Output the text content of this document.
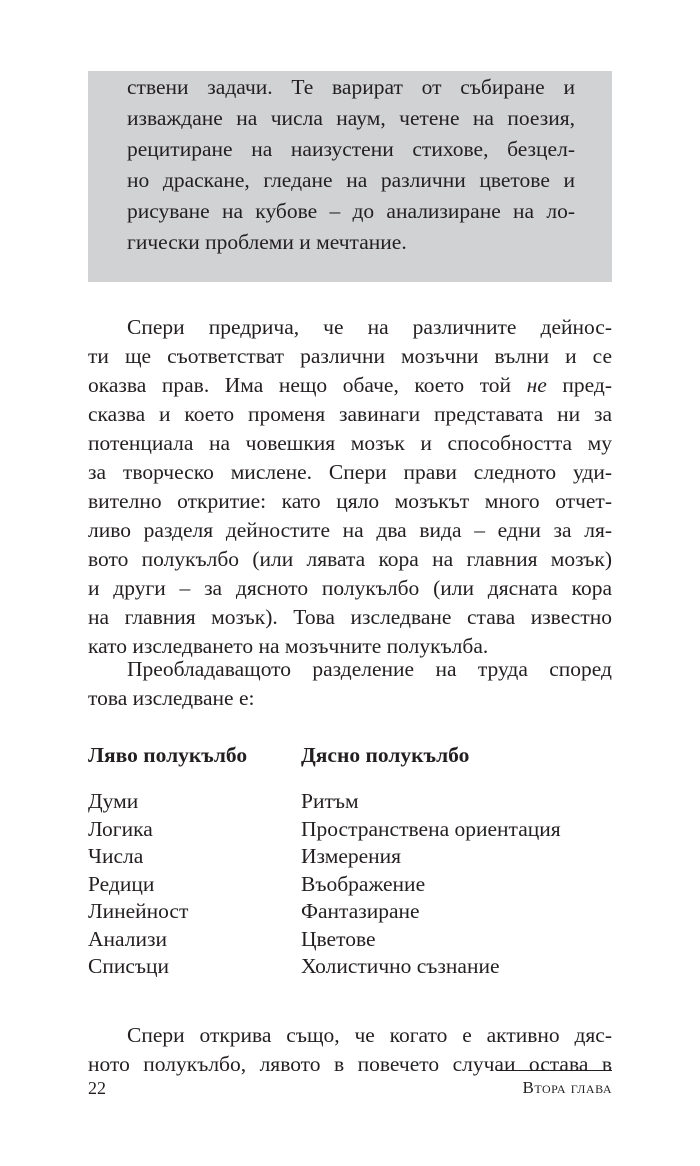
ствени задачи. Те варират от събиране и
изваждане на числа наум, четене на поезия,
рецитиране на наизустени стихове, безцел-
но драскане, гледане на различни цветове и
рисуване на кубове – до анализиране на ло-
гически проблеми и мечтание.
Спери предрича, че на различните дейнос-
ти ще съответстват различни мозъчни вълни и се
оказва прав. Има нещо обаче, което той не пред-
сказва и което променя завинаги представата ни за
потенциала на човешкия мозък и способността му
за творческо мислене. Спери прави следното уди-
вително откритие: като цяло мозъкът много отчет-
ливо разделя дейностите на два вида – едни за ля-
вото полукълбо (или лявата кора на главния мозък)
и други – за дясното полукълбо (или дясната кора
на главния мозък). Това изследване става известно
като изследването на мозъчните полукълба.
Преобладаващото разделение на труда според
това изследване е:
Ляво полукълбо	Дясно полукълбо
Думи	Ритъм
Логика	Пространствена ориентация
Числа	Измерения
Редици	Въображение
Линейност	Фантазиране
Анализи	Цветове
Списъци	Холистично съзнание
Спери открива също, че когато е активно дяс-
ното полукълбо, лявото в повечето случаи остава в
22	Втора глава
